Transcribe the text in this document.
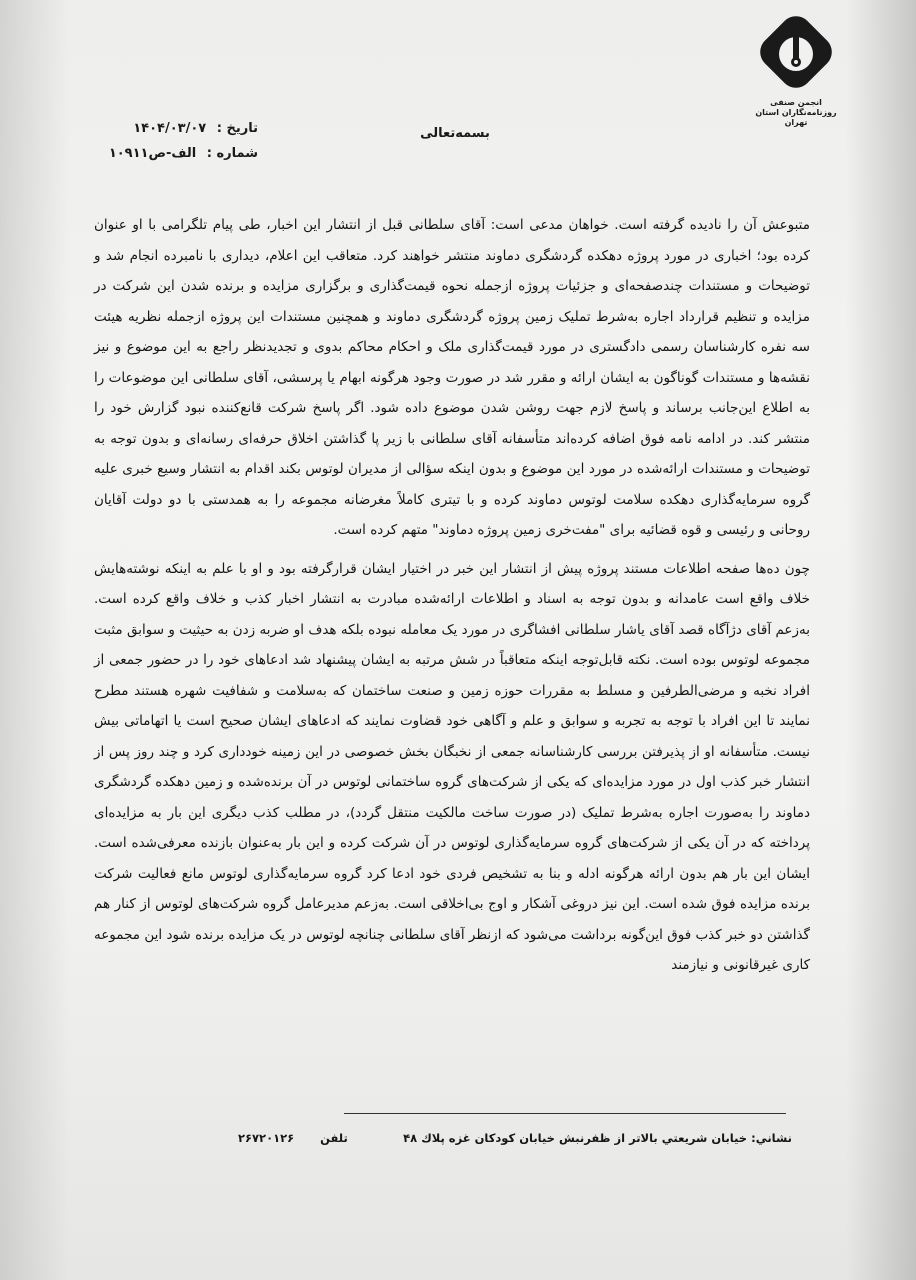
انجمن صنفی
روزنامه‌نگاران استان تهران
بسمه‌تعالی
تاریخ : ۱۴۰۴/۰۳/۰۷
شماره : الف-ص۱۰۹۱۱

متبوعش آن را نادیده گرفته است. خواهان مدعی است: آقای سلطانی قبل از انتشار این اخبار، طی پیام تلگرامی با او عنوان کرده بود؛ اخباری در مورد پروژه دهکده گردشگری دماوند منتشر خواهند کرد. متعاقب این اعلام، دیداری با نامبرده انجام شد و توضیحات و مستندات چندصفحه‌ای و جزئیات پروژه ازجمله نحوه قیمت‌گذاری و برگزاری مزایده و برنده شدن این شرکت در مزایده و تنظیم قرارداد اجاره به‌شرط تملیک زمین پروژه گردشگری دماوند و همچنین مستندات این پروژه ازجمله نظریه هیئت سه نفره کارشناسان رسمی دادگستری در مورد قیمت‌گذاری ملک و احکام محاکم بدوی و تجدیدنظر راجع به این موضوع و نیز نقشه‌ها و مستندات گوناگون به ایشان ارائه و مقرر شد در صورت وجود هرگونه ابهام یا پرسشی، آقای سلطانی این موضوعات را به اطلاع این‌جانب برساند و پاسخ لازم جهت روشن شدن موضوع داده شود. اگر پاسخ شرکت قانع‌کننده نبود گزارش خود را منتشر کند. در ادامه نامه فوق اضافه کرده‌اند متأسفانه آقای سلطانی با زیر پا گذاشتن اخلاق حرفه‌ای رسانه‌ای و بدون توجه به توضیحات و مستندات ارائه‌شده در مورد این موضوع و بدون اینکه سؤالی از مدیران لوتوس بکند اقدام به انتشار وسیع خبری علیه گروه سرمایه‌گذاری دهکده سلامت لوتوس دماوند کرده و با تیتری کاملاً مغرضانه مجموعه را به همدستی با دو دولت آقایان روحانی و رئیسی و قوه قضائیه برای "مفت‌خری زمین پروژه دماوند" متهم کرده است.

چون ده‌ها صفحه اطلاعات مستند پروژه پیش از انتشار این خبر در اختیار ایشان قرارگرفته بود و او با علم به اینکه نوشته‌هایش خلاف واقع است عامدانه و بدون توجه به اسناد و اطلاعات ارائه‌شده مبادرت به انتشار اخبار کذب و خلاف واقع کرده است. به‌زعم آقای دژآگاه قصد آقای یاشار سلطانی افشاگری در مورد یک معامله نبوده بلکه هدف او ضربه زدن به حیثیت و سوابق مثبت مجموعه لوتوس بوده است. نکته قابل‌توجه اینکه متعاقباً در شش مرتبه به ایشان پیشنهاد شد ادعاهای خود را در حضور جمعی از افراد نخبه و مرضی‌الطرفین و مسلط به مقررات حوزه زمین و صنعت ساختمان که به‌سلامت و شفافیت شهره هستند مطرح نمایند تا این افراد با توجه به تجربه و سوابق و علم و آگاهی خود قضاوت نمایند که ادعاهای ایشان صحیح است یا اتهاماتی بیش نیست. متأسفانه او از پذیرفتن بررسی کارشناسانه جمعی از نخبگان بخش خصوصی در این زمینه خودداری کرد و چند روز پس از انتشار خبر کذب اول در مورد مزایده‌ای که یکی از شرکت‌های گروه ساختمانی لوتوس در آن برنده‌شده و زمین دهکده گردشگری دماوند را به‌صورت اجاره به‌شرط تملیک (در صورت ساخت مالکیت منتقل گردد)، در مطلب کذب دیگری این بار به مزایده‌ای پرداخته که در آن یکی از شرکت‌های گروه سرمایه‌گذاری لوتوس در آن شرکت کرده و این بار به‌عنوان بازنده معرفی‌شده است. ایشان این بار هم بدون ارائه هرگونه ادله و بنا به تشخیص فردی خود ادعا کرد گروه سرمایه‌گذاری لوتوس مانع فعالیت شرکت برنده مزایده فوق شده است. این نیز دروغی آشکار و اوج بی‌اخلاقی است. به‌زعم مدیرعامل گروه شرکت‌های لوتوس از کنار هم گذاشتن دو خبر کذب فوق این‌گونه برداشت می‌شود که ازنظر آقای سلطانی چنانچه لوتوس در یک مزایده برنده شود این مجموعه کاری غیرقانونی و نیازمند

نشاني: خيابان شريعتي بالاتر از ظفرنبش خيابان كودكان غزه پلاك ۴۸
تلفن ۲۶۷۲۰۱۲۶
